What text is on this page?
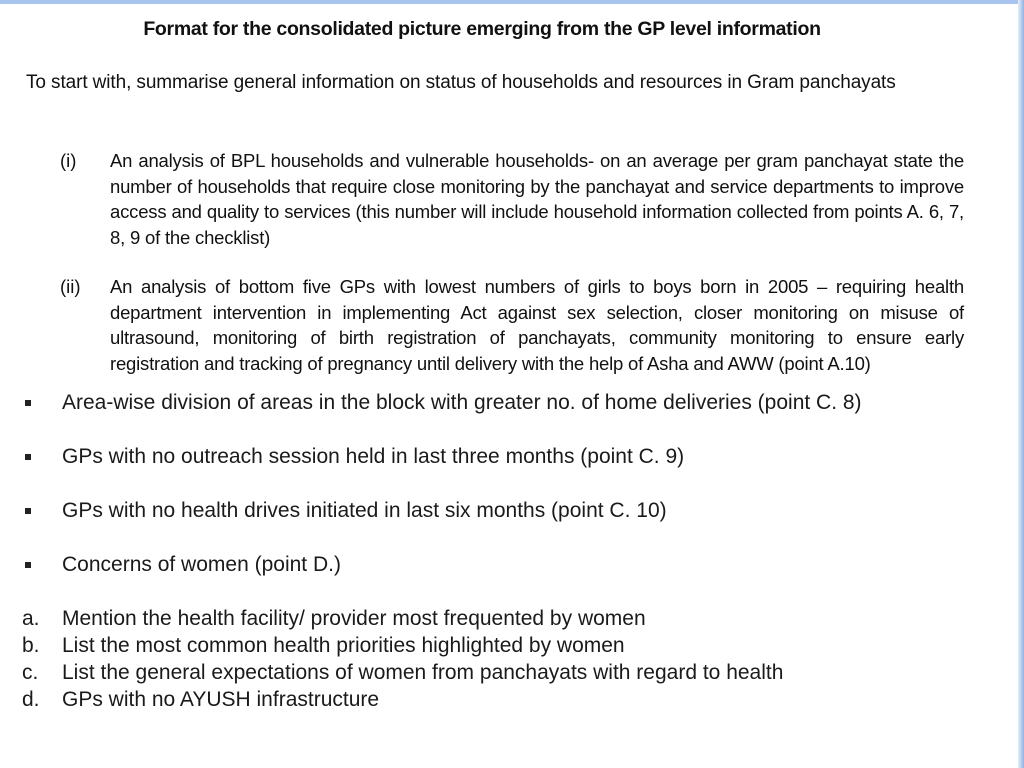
Format for the consolidated picture emerging from the GP level information
To start with, summarise general information on status of households and resources in Gram panchayats
(i)	An analysis of BPL households and vulnerable households- on an average per gram panchayat state the number of households that require close monitoring by the panchayat and service departments to improve access and quality to services (this number will include household information collected from points A. 6, 7, 8, 9 of the checklist)
(ii)	An analysis of bottom five GPs with lowest numbers of girls to boys born in 2005 – requiring health department intervention in implementing Act against sex selection, closer monitoring on misuse of ultrasound, monitoring of birth registration of panchayats, community monitoring to ensure early registration and tracking of pregnancy until delivery with the help of Asha and AWW (point A.10)
Area-wise division of areas in the block with greater no. of home deliveries (point C. 8)
GPs with no outreach session held in last three months (point C. 9)
GPs with no health drives initiated in last six months (point C. 10)
Concerns of women (point D.)
a.	Mention the health facility/ provider most frequented by women
b.	List the most common health priorities highlighted by women
c.	List the general expectations of women from panchayats with regard to health
d.	GPs with no AYUSH infrastructure
